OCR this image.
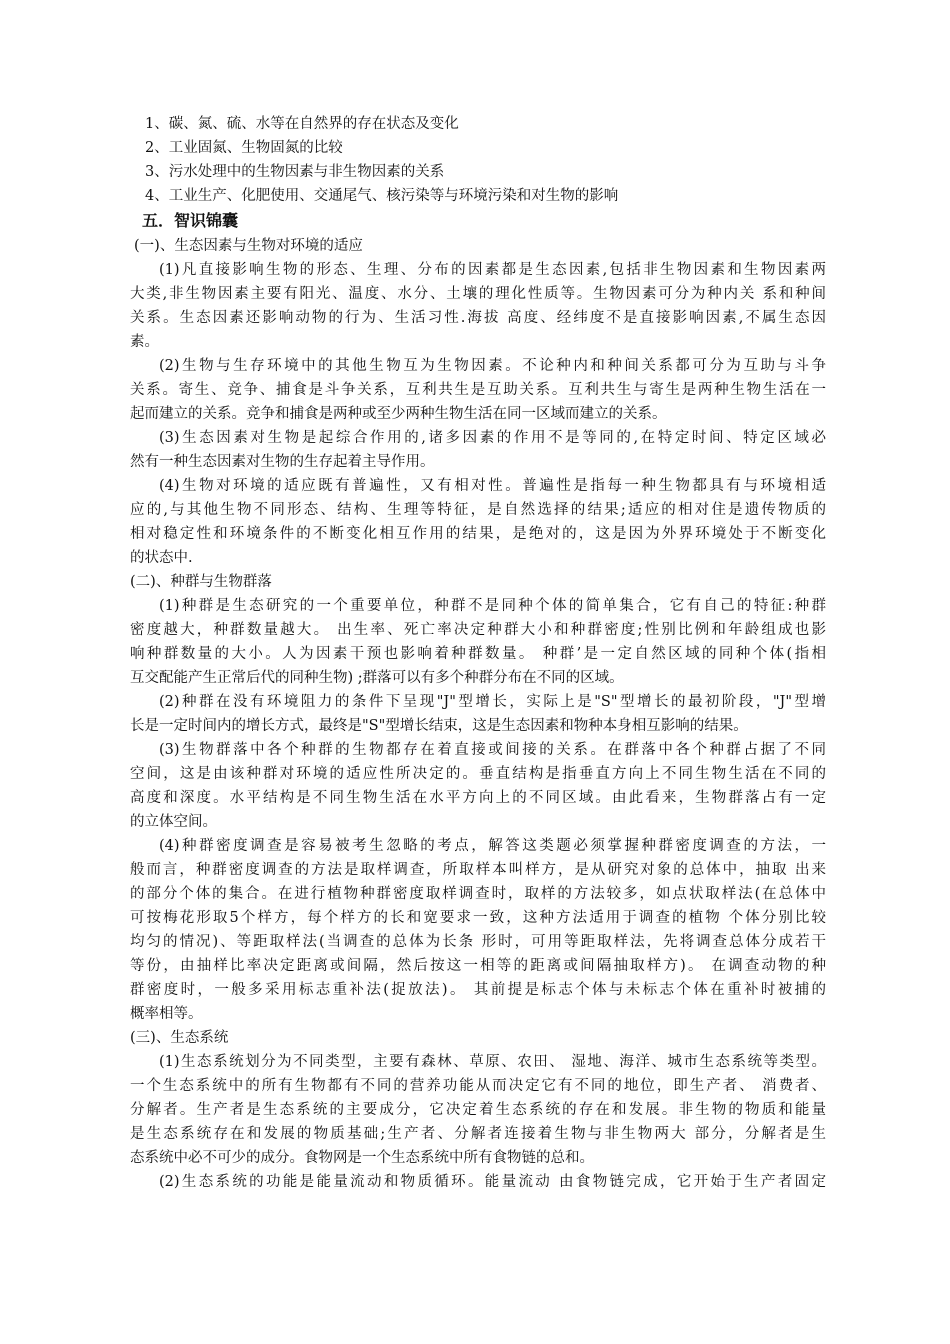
1、碳、氮、硫、水等在自然界的存在状态及变化
2、工业固氮、生物固氮的比较
3、污水处理中的生物因素与非生物因素的关系
4、工业生产、化肥使用、交通尾气、核污染等与环境污染和对生物的影响
五．智识锦囊
(一)、生态因素与生物对环境的适应
(1)凡直接影响生物的形态、生理、分布的因素都是生态因素,包括非生物因素和生物因素两
大类,非生物因素主要有阳光、温度、水分、土壤的理化性质等。生物因素可分为种内关 系和种间
关系。生态因素还影响动物的行为、生活习性.海拔 高度、经纬度不是直接影响因素,不属生态因
素。
(2)生物与生存环境中的其他生物互为生物因素。不论种内和种间关系都可分为互助与斗争
关系。寄生、竞争、捕食是斗争关系，互利共生是互助关系。互利共生与寄生是两种生物生活在一
起而建立的关系。竞争和捕食是两种或至少两种生物生活在同一区域而建立的关系。
(3)生态因素对生物是起综合作用的,诸多因素的作用不是等同的,在特定时间、特定区域必
然有一种生态因素对生物的生存起着主导作用。
(4)生物对环境的适应既有普遍性，又有相对性。普遍性是指每一种生物都具有与环境相适
应的,与其他生物不同形态、结构、生理等特征，是自然选择的结果;适应的相对住是遗传物质的
相对稳定性和环境条件的不断变化相互作用的结果，是绝对的，这是因为外界环境处于不断变化
的状态中.
(二)、种群与生物群落
(1)种群是生态研究的一个重要单位，种群不是同种个体的简单集合，它有自己的特征:种群
密度越大，种群数量越大。 出生率、死亡率决定种群大小和种群密度;性别比例和年龄组成也影
响种群数量的大小。人为因素干预也影响着种群数量。 种群’是一定自然区域的同种个体(指相
互交配能产生正常后代的同种生物) ;群落可以有多个种群分布在不同的区域。
(2)种群在没有环境阻力的条件下呈现"J"型增长，实际上是"S"型增长的最初阶段，"J"型增
长是一定时间内的增长方式，最终是"S"型增长结束，这是生态因素和物种本身相互影响的结果。
(3)生物群落中各个种群的生物都存在着直接或间接的关系。在群落中各个种群占据了不同
空间，这是由该种群对环境的适应性所决定的。垂直结构是指垂直方向上不同生物生活在不同的
高度和深度。水平结构是不同生物生活在水平方向上的不同区域。由此看来，生物群落占有一定
的立体空间。
(4)种群密度调查是容易被考生忽略的考点，解答这类题必须掌握种群密度调查的方法，一
般而言，种群密度调查的方法是取样调查，所取样本叫样方，是从研究对象的总体中，抽取 出来
的部分个体的集合。在进行植物种群密度取样调查时，取样的方法较多，如点状取样法(在总体中
可按梅花形取5个样方，每个样方的长和宽要求一致，这种方法适用于调查的植物 个体分别比较
均匀的情况)、等距取样法(当调查的总体为长条 形时，可用等距取样法，先将调查总体分成若干
等份，由抽样比率决定距离或间隔，然后按这一相等的距离或间隔抽取样方)。 在调查动物的种
群密度时，一般多采用标志重补法(捉放法)。 其前提是标志个体与未标志个体在重补时被捕的
概率相等。
(三)、生态系统
(1)生态系统划分为不同类型，主要有森林、草原、农田、 湿地、海洋、城市生态系统等类型。
一个生态系统中的所有生物都有不同的营养功能从而决定它有不同的地位，即生产者、 消费者、
分解者。生产者是生态系统的主要成分，它决定着生态系统的存在和发展。非生物的物质和能量
是生态系统存在和发展的物质基础;生产者、分解者连接着生物与非生物两大 部分，分解者是生
态系统中必不可少的成分。食物网是一个生态系统中所有食物链的总和。
(2)生态系统的功能是能量流动和物质循环。能量流动 由食物链完成，它开始于生产者固定
